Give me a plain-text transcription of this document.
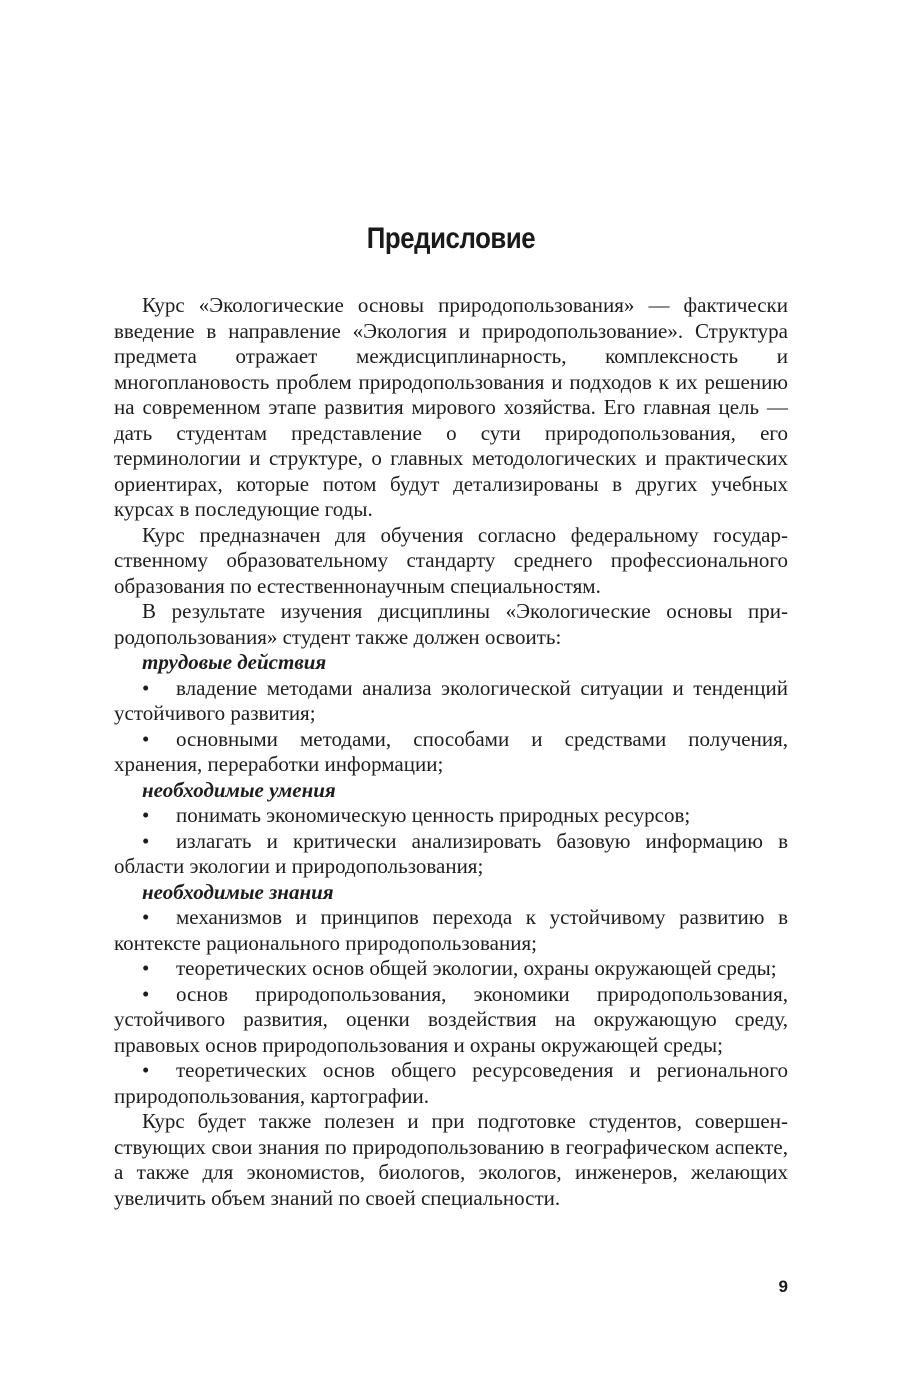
Предисловие

Курс «Экологические основы природопользования» — фактически введение в направление «Экология и природопользование». Структура предмета отражает междисциплинарность, комплексность и многоплановость проблем природопользования и подходов к их решению на современном этапе развития мирового хозяйства. Его главная цель — дать студентам представление о сути природопользования, его терминологии и структуре, о главных методологических и практических ориентирах, которые потом будут детализированы в других учебных курсах в последующие годы.

Курс предназначен для обучения согласно федеральному государственному образовательному стандарту среднего профессионального образования по естественнонаучным специальностям.

В результате изучения дисциплины «Экологические основы природопользования» студент также должен освоить:

трудовые действия

• владение методами анализа экологической ситуации и тенденций устойчивого развития;
• основными методами, способами и средствами получения, хранения, переработки информации;

необходимые умения

• понимать экономическую ценность природных ресурсов;
• излагать и критически анализировать базовую информацию в области экологии и природопользования;

необходимые знания

• механизмов и принципов перехода к устойчивому развитию в контексте рационального природопользования;
• теоретических основ общей экологии, охраны окружающей среды;
• основ природопользования, экономики природопользования, устойчивого развития, оценки воздействия на окружающую среду, правовых основ природопользования и охраны окружающей среды;
• теоретических основ общего ресурсоведения и регионального природопользования, картографии.

Курс будет также полезен и при подготовке студентов, совершенствующих свои знания по природопользованию в географическом аспекте, а также для экономистов, биологов, экологов, инженеров, желающих увеличить объем знаний по своей специальности.

9
